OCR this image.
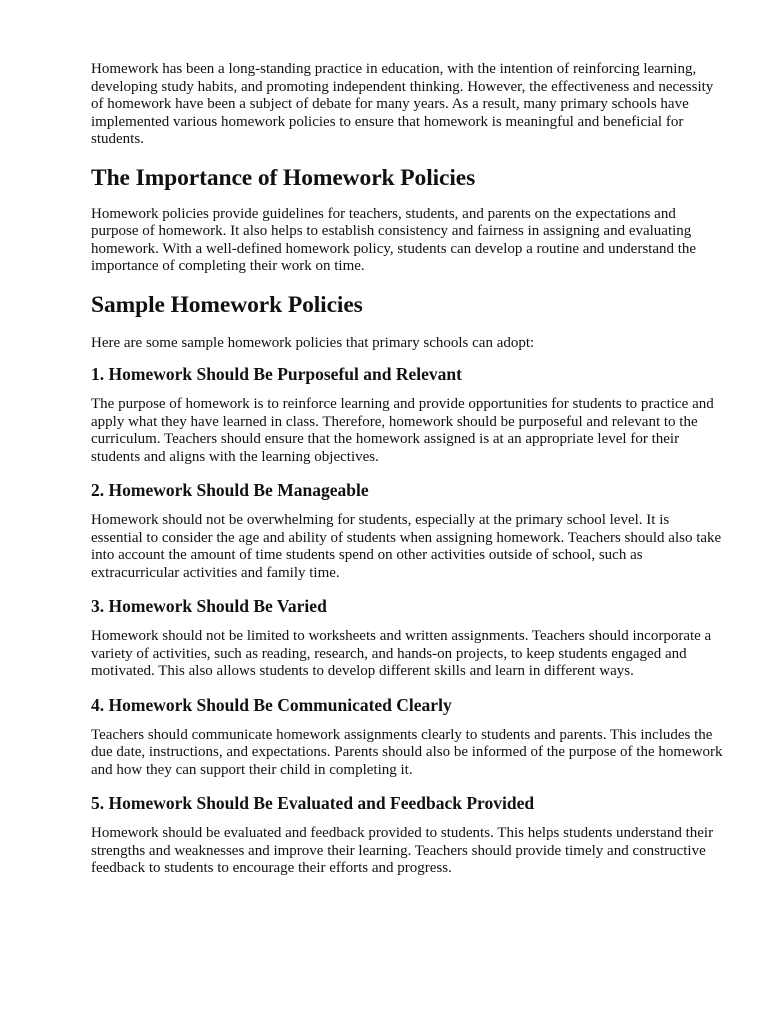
Homework has been a long-standing practice in education, with the intention of reinforcing learning, developing study habits, and promoting independent thinking. However, the effectiveness and necessity of homework have been a subject of debate for many years. As a result, many primary schools have implemented various homework policies to ensure that homework is meaningful and beneficial for students.

The Importance of Homework Policies

Homework policies provide guidelines for teachers, students, and parents on the expectations and purpose of homework. It also helps to establish consistency and fairness in assigning and evaluating homework. With a well-defined homework policy, students can develop a routine and understand the importance of completing their work on time.

Sample Homework Policies

Here are some sample homework policies that primary schools can adopt:

1. Homework Should Be Purposeful and Relevant

The purpose of homework is to reinforce learning and provide opportunities for students to practice and apply what they have learned in class. Therefore, homework should be purposeful and relevant to the curriculum. Teachers should ensure that the homework assigned is at an appropriate level for their students and aligns with the learning objectives.

2. Homework Should Be Manageable

Homework should not be overwhelming for students, especially at the primary school level. It is essential to consider the age and ability of students when assigning homework. Teachers should also take into account the amount of time students spend on other activities outside of school, such as extracurricular activities and family time.

3. Homework Should Be Varied

Homework should not be limited to worksheets and written assignments. Teachers should incorporate a variety of activities, such as reading, research, and hands-on projects, to keep students engaged and motivated. This also allows students to develop different skills and learn in different ways.

4. Homework Should Be Communicated Clearly

Teachers should communicate homework assignments clearly to students and parents. This includes the due date, instructions, and expectations. Parents should also be informed of the purpose of the homework and how they can support their child in completing it.

5. Homework Should Be Evaluated and Feedback Provided

Homework should be evaluated and feedback provided to students. This helps students understand their strengths and weaknesses and improve their learning. Teachers should provide timely and constructive feedback to students to encourage their efforts and progress.
